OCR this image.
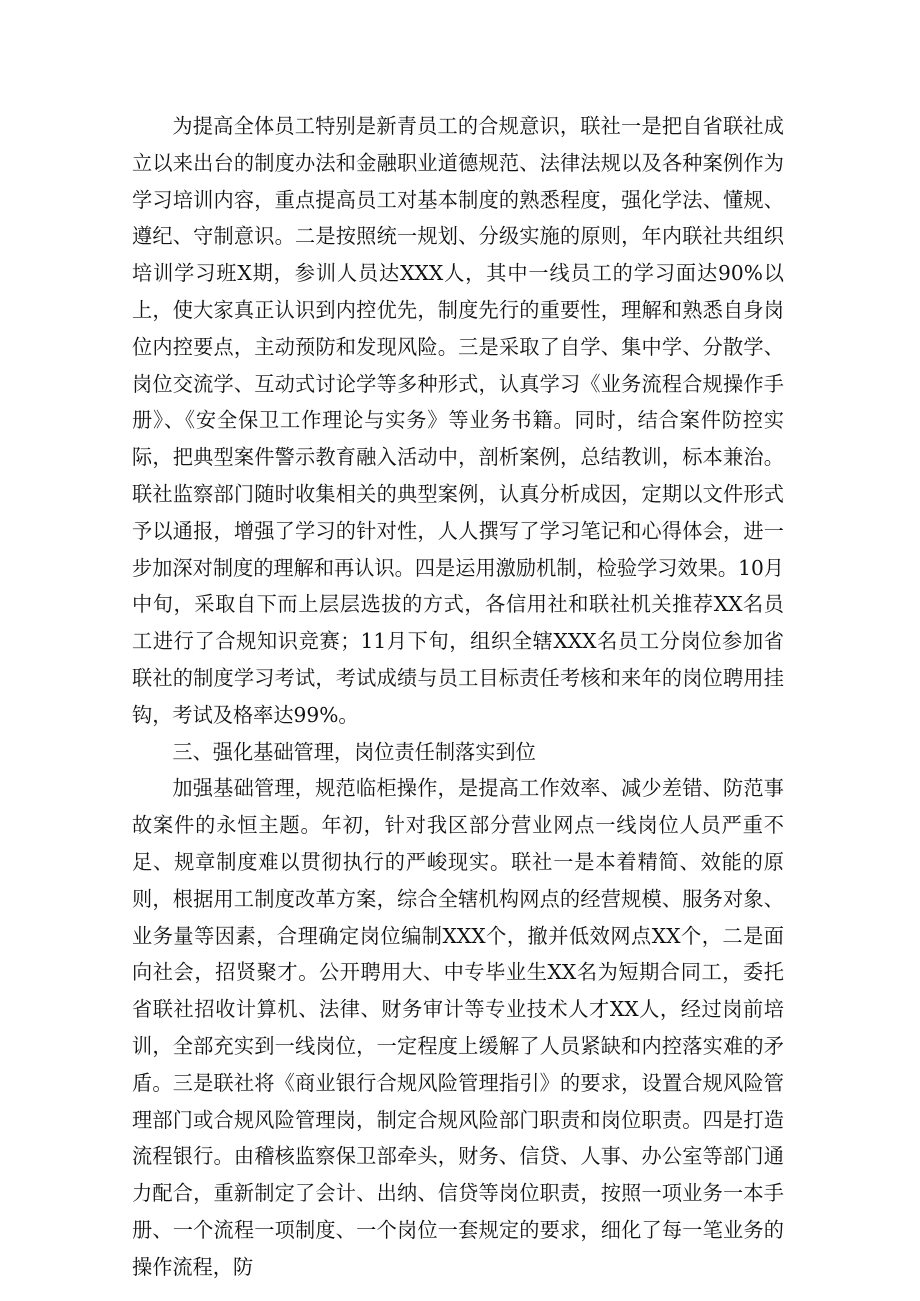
为提高全体员工特别是新青员工的合规意识，联社一是把自省联社成立以来出台的制度办法和金融职业道德规范、法律法规以及各种案例作为学习培训内容，重点提高员工对基本制度的熟悉程度，强化学法、懂规、遵纪、守制意识。二是按照统一规划、分级实施的原则，年内联社共组织培训学习班X期，参训人员达XXX人，其中一线员工的学习面达90%以上，使大家真正认识到内控优先，制度先行的重要性，理解和熟悉自身岗位内控要点，主动预防和发现风险。三是采取了自学、集中学、分散学、岗位交流学、互动式讨论学等多种形式，认真学习《业务流程合规操作手册》、《安全保卫工作理论与实务》等业务书籍。同时，结合案件防控实际，把典型案件警示教育融入活动中，剖析案例，总结教训，标本兼治。联社监察部门随时收集相关的典型案例，认真分析成因，定期以文件形式予以通报，增强了学习的针对性，人人撰写了学习笔记和心得体会，进一步加深对制度的理解和再认识。四是运用激励机制，检验学习效果。10月中旬，采取自下而上层层选拔的方式，各信用社和联社机关推荐XX名员工进行了合规知识竞赛；11月下旬，组织全辖XXX名员工分岗位参加省联社的制度学习考试，考试成绩与员工目标责任考核和来年的岗位聘用挂钩，考试及格率达99%。

三、强化基础管理，岗位责任制落实到位

加强基础管理，规范临柜操作，是提高工作效率、减少差错、防范事故案件的永恒主题。年初，针对我区部分营业网点一线岗位人员严重不足、规章制度难以贯彻执行的严峻现实。联社一是本着精简、效能的原则，根据用工制度改革方案，综合全辖机构网点的经营规模、服务对象、业务量等因素，合理确定岗位编制XXX个，撤并低效网点XX个，二是面向社会，招贤聚才。公开聘用大、中专毕业生XX名为短期合同工，委托省联社招收计算机、法律、财务审计等专业技术人才XX人，经过岗前培训，全部充实到一线岗位，一定程度上缓解了人员紧缺和内控落实难的矛盾。三是联社将《商业银行合规风险管理指引》的要求，设置合规风险管理部门或合规风险管理岗，制定合规风险部门职责和岗位职责。四是打造流程银行。由稽核监察保卫部牵头，财务、信贷、人事、办公室等部门通力配合，重新制定了会计、出纳、信贷等岗位职责，按照一项业务一本手册、一个流程一项制度、一个岗位一套规定的要求，细化了每一笔业务的操作流程，防
